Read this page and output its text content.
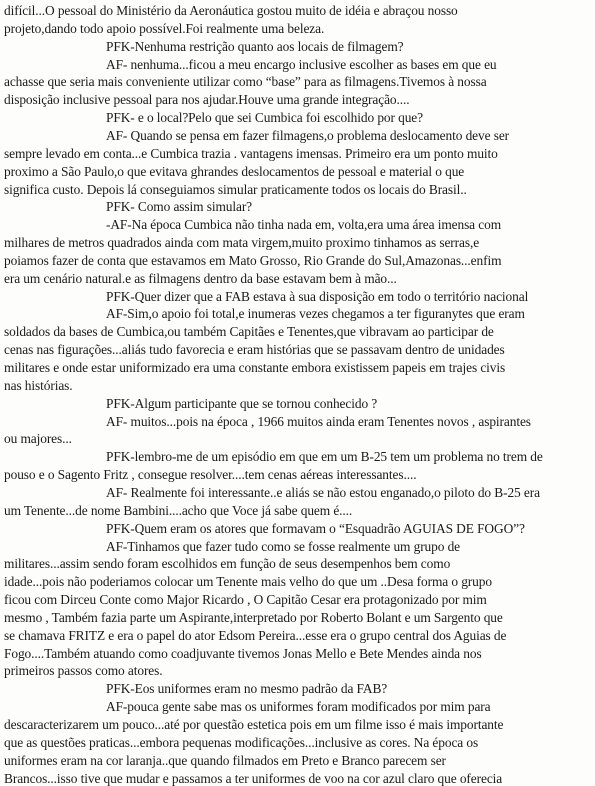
difícil...O pessoal do Ministério da Aeronáutica gostou muito de idéia e abraçou nosso
projeto,dando todo apoio possível.Foi realmente uma beleza.
PFK-Nenhuma restrição quanto aos locais de filmagem?
AF- nenhuma...ficou a meu encargo inclusive escolher as bases em que eu
achasse que seria mais conveniente utilizar como “base” para as filmagens.Tivemos à nossa
disposição inclusive pessoal para nos ajudar.Houve uma grande integração....
PFK- e o local?Pelo que sei Cumbica foi escolhido por que?
AF- Quando se pensa em fazer filmagens,o problema deslocamento deve ser
sempre levado em conta...e Cumbica trazia . vantagens imensas. Primeiro era um ponto muito
proximo a São Paulo,o que evitava ghrandes deslocamentos de pessoal e material o que
significa custo. Depois lá conseguiamos simular praticamente todos os locais do Brasil..
PFK- Como assim simular?
-AF-Na época Cumbica não tinha nada em, volta,era uma área imensa com
milhares de metros quadrados ainda com mata virgem,muito proximo tinhamos as serras,e
poiamos fazer de conta que estavamos em Mato Grosso, Rio Grande do Sul,Amazonas...enfim
era um cenário natural.e as filmagens dentro da base estavam bem à mão...
PFK-Quer dizer que a FAB estava à sua disposição em todo o território nacional
AF-Sim,o apoio foi total,e inumeras vezes chegamos a ter figuranytes que eram
soldados da bases de Cumbica,ou também Capitães e Tenentes,que vibravam ao participar de
cenas nas figurações...aliás tudo favorecia e eram histórias que se passavam dentro de unidades
militares e onde estar uniformizado era uma constante embora existissem papeis em trajes civis
nas histórias.
PFK-Algum participante que se tornou conhecido ?
AF- muitos...pois na época , 1966 muitos ainda eram Tenentes novos , aspirantes
ou majores...
PFK-lembro-me de um episódio em que em um B-25 tem um problema no trem de
pouso e o Sagento Fritz , consegue resolver....tem cenas aéreas interessantes....
AF- Realmente foi interessante..e aliás se não estou enganado,o piloto do B-25 era
um Tenente...de nome Bambini....acho que Voce já sabe quem é....
PFK-Quem eram os atores que formavam o “Esquadrão AGUIAS DE FOGO”?
AF-Tinhamos que fazer tudo como se fosse realmente um grupo de
militares...assim sendo foram escolhidos em função de seus desempenhos bem como
idade...pois não poderiamos colocar um Tenente mais velho do que um ..Desa forma o grupo
ficou com Dirceu Conte como Major Ricardo , O Capitão Cesar era protagonizado por mim
mesmo , Também fazia parte um Aspirante,interpretado por Roberto Bolant e um Sargento que
se chamava FRITZ e era o papel do ator Edsom Pereira...esse era o grupo central dos Aguias de
Fogo....Também atuando como coadjuvante tivemos Jonas Mello e Bete Mendes ainda nos
primeiros passos como atores.
PFK-Eos uniformes eram no mesmo padrão da FAB?
AF-pouca gente sabe mas os uniformes foram modificados por mim para
descaracterizarem um pouco...até por questão estetica pois em um filme isso é mais importante
que as questões praticas...embora pequenas modificações...inclusive as cores. Na época os
uniformes eram na cor laranja..que quando filmados em Preto e Branco parecem ser
Brancos...isso tive que mudar e passamos a ter uniformes de voo na cor azul claro que oferecia
